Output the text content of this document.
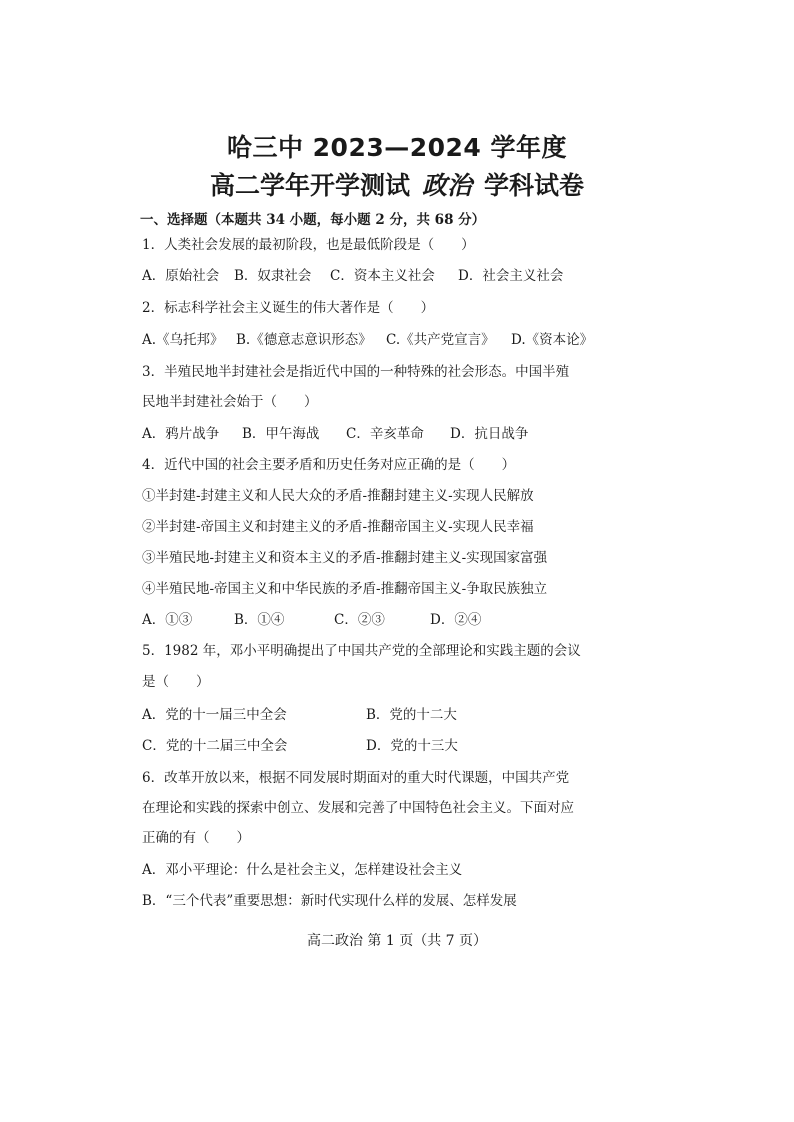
哈三中 2023—2024 学年度
高二学年开学测试 政治 学科试卷
一、选择题（本题共 34 小题，每小题 2 分，共 68 分）
1．人类社会发展的最初阶段，也是最低阶段是（　　）
A．原始社会	B．奴隶社会	C．资本主义社会	D．社会主义社会
2．标志科学社会主义诞生的伟大著作是（　　）
A.《乌托邦》 B.《德意志意识形态》	C.《共产党宣言》	D.《资本论》
3．半殖民地半封建社会是指近代中国的一种特殊的社会形态。中国半殖
民地半封建社会始于（　　）
A．鸦片战争	B．甲午海战	C．辛亥革命	D．抗日战争
4．近代中国的社会主要矛盾和历史任务对应正确的是（　　）
①半封建-封建主义和人民大众的矛盾-推翻封建主义-实现人民解放
②半封建-帝国主义和封建主义的矛盾-推翻帝国主义-实现人民幸福
③半殖民地-封建主义和资本主义的矛盾-推翻封建主义-实现国家富强
④半殖民地-帝国主义和中华民族的矛盾-推翻帝国主义-争取民族独立
A．①③	B．①④	C．②③	D．②④
5．1982 年，邓小平明确提出了中国共产党的全部理论和实践主题的会议
是（　　）
A．党的十一届三中全会	B．党的十二大
C．党的十二届三中全会	D．党的十三大
6．改革开放以来，根据不同发展时期面对的重大时代课题，中国共产党
在理论和实践的探索中创立、发展和完善了中国特色社会主义。下面对应
正确的有（　　）
A．邓小平理论：什么是社会主义，怎样建设社会主义
B．“三个代表”重要思想：新时代实现什么样的发展、怎样发展
高二政治 第 1 页（共 7 页）
